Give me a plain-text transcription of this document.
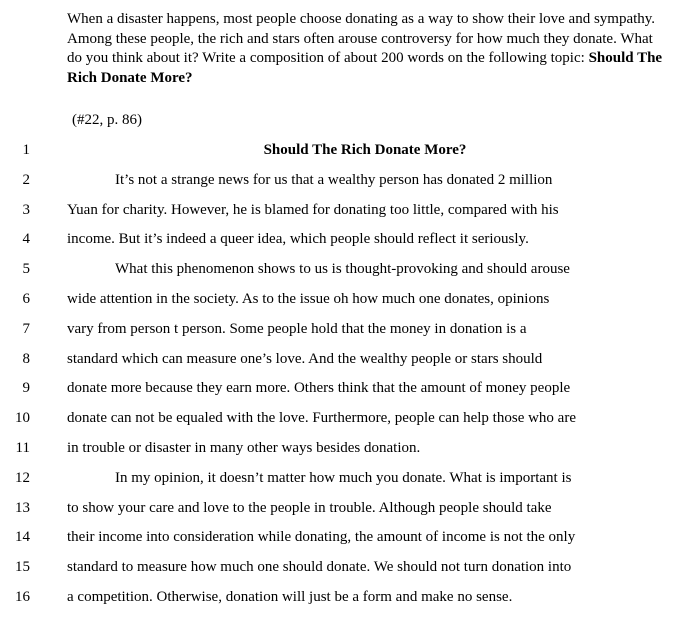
When a disaster happens, most people choose donating as a way to show their love and sympathy. Among these people, the rich and stars often arouse controversy for how much they donate. What do you think about it? Write a composition of about 200 words on the following topic: Should The Rich Donate More?
(#22, p. 86)
1	Should The Rich Donate More?
2	It’s not a strange news for us that a wealthy person has donated 2 million
3 Yuan for charity. However, he is blamed for donating too little, compared with his
4 income. But it’s indeed a queer idea, which people should reflect it seriously.
5	What this phenomenon shows to us is thought-provoking and should arouse
6 wide attention in the society. As to the issue oh how much one donates, opinions
7 vary from person t person. Some people hold that the money in donation is a
8 standard which can measure one’s love. And the wealthy people or stars should
9 donate more because they earn more. Others think that the amount of money people
10 donate can not be equaled with the love. Furthermore, people can help those who are
11 in trouble or disaster in many other ways besides donation.
12	In my opinion, it doesn’t matter how much you donate. What is important is
13 to show your care and love to the people in trouble. Although people should take
14 their income into consideration while donating, the amount of income is not the only
15 standard to measure how much one should donate. We should not turn donation into
16 a competition. Otherwise, donation will just be a form and make no sense.
